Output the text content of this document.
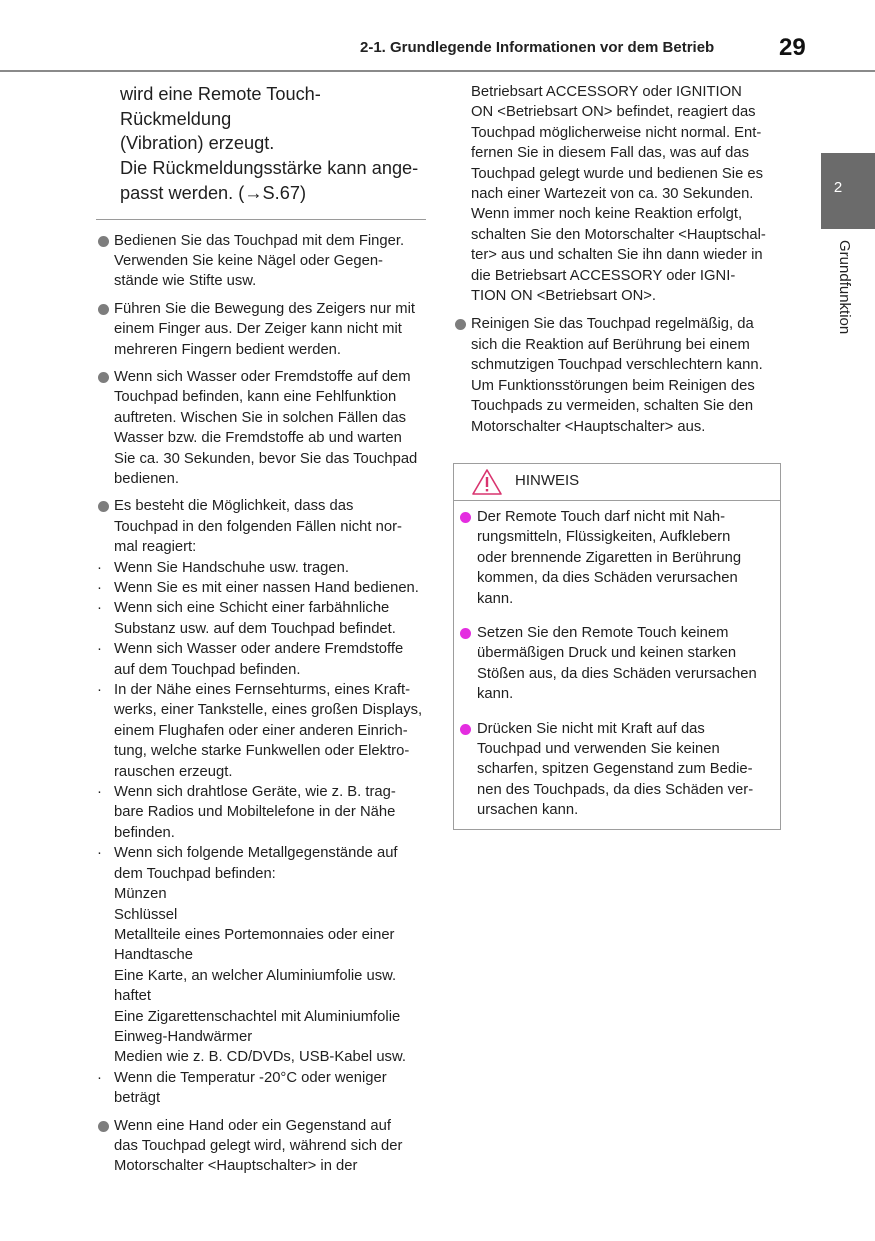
2-1. Grundlegende Informationen vor dem Betrieb	29
2
Grundfunktion

wird eine Remote Touch-Rückmeldung
(Vibration) erzeugt.
Die Rückmeldungsstärke kann ange-
passt werden. (→S.67)

Bedienen Sie das Touchpad mit dem Finger.
Verwenden Sie keine Nägel oder Gegen-
stände wie Stifte usw.

Führen Sie die Bewegung des Zeigers nur mit
einem Finger aus. Der Zeiger kann nicht mit
mehreren Fingern bedient werden.

Wenn sich Wasser oder Fremdstoffe auf dem
Touchpad befinden, kann eine Fehlfunktion
auftreten. Wischen Sie in solchen Fällen das
Wasser bzw. die Fremdstoffe ab und warten
Sie ca. 30 Sekunden, bevor Sie das Touchpad
bedienen.

Es besteht die Möglichkeit, dass das
Touchpad in den folgenden Fällen nicht nor-
mal reagiert:

· Wenn Sie Handschuhe usw. tragen.

· Wenn Sie es mit einer nassen Hand bedienen.

· Wenn sich eine Schicht einer farbähnliche
Substanz usw. auf dem Touchpad befindet.

· Wenn sich Wasser oder andere Fremdstoffe
auf dem Touchpad befinden.

· In der Nähe eines Fernsehturms, eines Kraft-
werks, einer Tankstelle, eines großen Displays,
einem Flughafen oder einer anderen Einrich-
tung, welche starke Funkwellen oder Elektro-
rauschen erzeugt.

· Wenn sich drahtlose Geräte, wie z. B. trag-
bare Radios und Mobiltelefone in der Nähe
befinden.

· Wenn sich folgende Metallgegenstände auf
dem Touchpad befinden:

Münzen
Schlüssel
Metallteile eines Portemonnaies oder einer
Handtasche
Eine Karte, an welcher Aluminiumfolie usw.
haftet
Eine Zigarettenschachtel mit Aluminiumfolie
Einweg-Handwärmer
Medien wie z. B. CD/DVDs, USB-Kabel usw.

· Wenn die Temperatur -20°C oder weniger
beträgt

Wenn eine Hand oder ein Gegenstand auf
das Touchpad gelegt wird, während sich der
Motorschalter <Hauptschalter> in der

Betriebsart ACCESSORY oder IGNITION
ON <Betriebsart ON> befindet, reagiert das
Touchpad möglicherweise nicht normal. Ent-
fernen Sie in diesem Fall das, was auf das
Touchpad gelegt wurde und bedienen Sie es
nach einer Wartezeit von ca. 30 Sekunden.
Wenn immer noch keine Reaktion erfolgt,
schalten Sie den Motorschalter <Hauptschal-
ter> aus und schalten Sie ihn dann wieder in
die Betriebsart ACCESSORY oder IGNI-
TION ON <Betriebsart ON>.

Reinigen Sie das Touchpad regelmäßig, da
sich die Reaktion auf Berührung bei einem
schmutzigen Touchpad verschlechtern kann.
Um Funktionsstörungen beim Reinigen des
Touchpads zu vermeiden, schalten Sie den
Motorschalter <Hauptschalter> aus.

HINWEIS

Der Remote Touch darf nicht mit Nah-
rungsmitteln, Flüssigkeiten, Aufklebern
oder brennende Zigaretten in Berührung
kommen, da dies Schäden verursachen
kann.

Setzen Sie den Remote Touch keinem
übermäßigen Druck und keinen starken
Stößen aus, da dies Schäden verursachen
kann.

Drücken Sie nicht mit Kraft auf das
Touchpad und verwenden Sie keinen
scharfen, spitzen Gegenstand zum Bedie-
nen des Touchpads, da dies Schäden ver-
ursachen kann.
